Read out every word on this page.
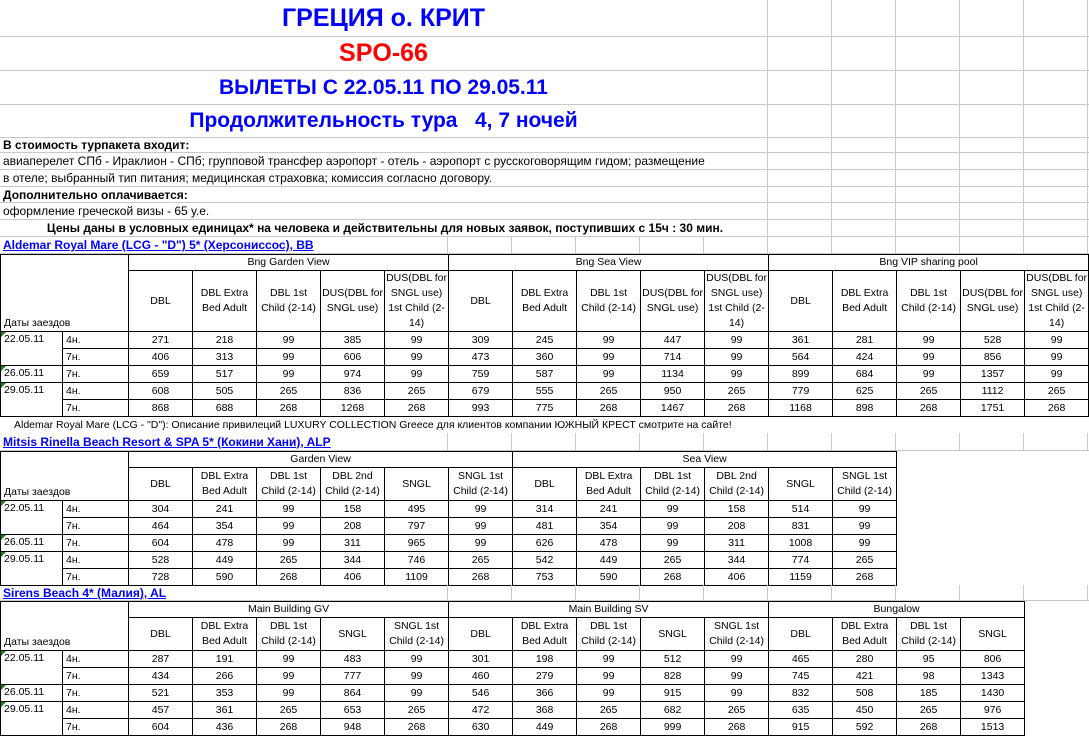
ГРЕЦИЯ о. КРИТ
SPO-66
ВЫЛЕТЫ С 22.05.11 ПО 29.05.11
Продолжительность тура   4, 7 ночей
В стоимость турпакета входит:
авиаперелет СПб - Ираклион - СПб; групповой трансфер аэропорт - отель - аэропорт с русскоговорящим гидом; размещение
в отеле; выбранный тип питания; медицинская страховка; комиссия согласно договору.
Дополнительно оплачивается:
оформление греческой визы - 65 у.е.
Цены даны в условных единицах* на человека и действительны для новых заявок, поступивших с 15ч : 30 мин.
Aldemar Royal Mare (LCG - "D") 5* (Херсониссос), BB
Даты заездов		Bng Garden View					Bng Sea View					Bng VIP sharing pool				
		DBL	DBL Extra Bed Adult	DBL 1st Child (2-14)	DUS(DBL for SNGL use)	DUS(DBL for SNGL use) 1st Child (2-14)	DBL	DBL Extra Bed Adult	DBL 1st Child (2-14)	DUS(DBL for SNGL use)	DUS(DBL for SNGL use) 1st Child (2-14)	DBL	DBL Extra Bed Adult	DBL 1st Child (2-14)	DUS(DBL for SNGL use)	DUS(DBL for SNGL use) 1st Child (2-14)
22.05.11	4н.	271	218	99	385	99	309	245	99	447	99	361	281	99	528	99
	7н.	406	313	99	606	99	473	360	99	714	99	564	424	99	856	99
26.05.11	7н.	659	517	99	974	99	759	587	99	1134	99	899	684	99	1357	99
29.05.11	4н.	608	505	265	836	265	679	555	265	950	265	779	625	265	1112	265
	7н.	868	688	268	1268	268	993	775	268	1467	268	1168	898	268	1751	268
Aldemar Royal Mare (LCG - "D"): Описание привилеций LUXURY COLLECTION Greece для клиентов компании ЮЖНЫЙ КРЕСТ смотрите на сайте!
Mitsis Rinella Beach Resort & SPA 5* (Кокини Хани), ALP
Даты заездов		Garden View						Sea View					
		DBL	DBL Extra Bed Adult	DBL 1st Child (2-14)	DBL 2nd Child (2-14)	SNGL	SNGL 1st Child (2-14)	DBL	DBL Extra Bed Adult	DBL 1st Child (2-14)	DBL 2nd Child (2-14)	SNGL	SNGL 1st Child (2-14)
22.05.11	4н.	304	241	99	158	495	99	314	241	99	158	514	99
	7н.	464	354	99	208	797	99	481	354	99	208	831	99
26.05.11	7н.	604	478	99	311	965	99	626	478	99	311	1008	99
29.05.11	4н.	528	449	265	344	746	265	542	449	265	344	774	265
	7н.	728	590	268	406	1109	268	753	590	268	406	1159	268
Sirens Beach 4* (Малия), AL
Даты заездов		Main Building GV					Main Building SV					Bungalow			
		DBL	DBL Extra Bed Adult	DBL 1st Child (2-14)	SNGL	SNGL 1st Child (2-14)	DBL	DBL Extra Bed Adult	DBL 1st Child (2-14)	SNGL	SNGL 1st Child (2-14)	DBL	DBL Extra Bed Adult	DBL 1st Child (2-14)	SNGL
22.05.11	4н.	287	191	99	483	99	301	198	99	512	99	465	280	95	806
	7н.	434	266	99	777	99	460	279	99	828	99	745	421	98	1343
26.05.11	7н.	521	353	99	864	99	546	366	99	915	99	832	508	185	1430
29.05.11	4н.	457	361	265	653	265	472	368	265	682	265	635	450	265	976
	7н.	604	436	268	948	268	630	449	268	999	268	915	592	268	1513
